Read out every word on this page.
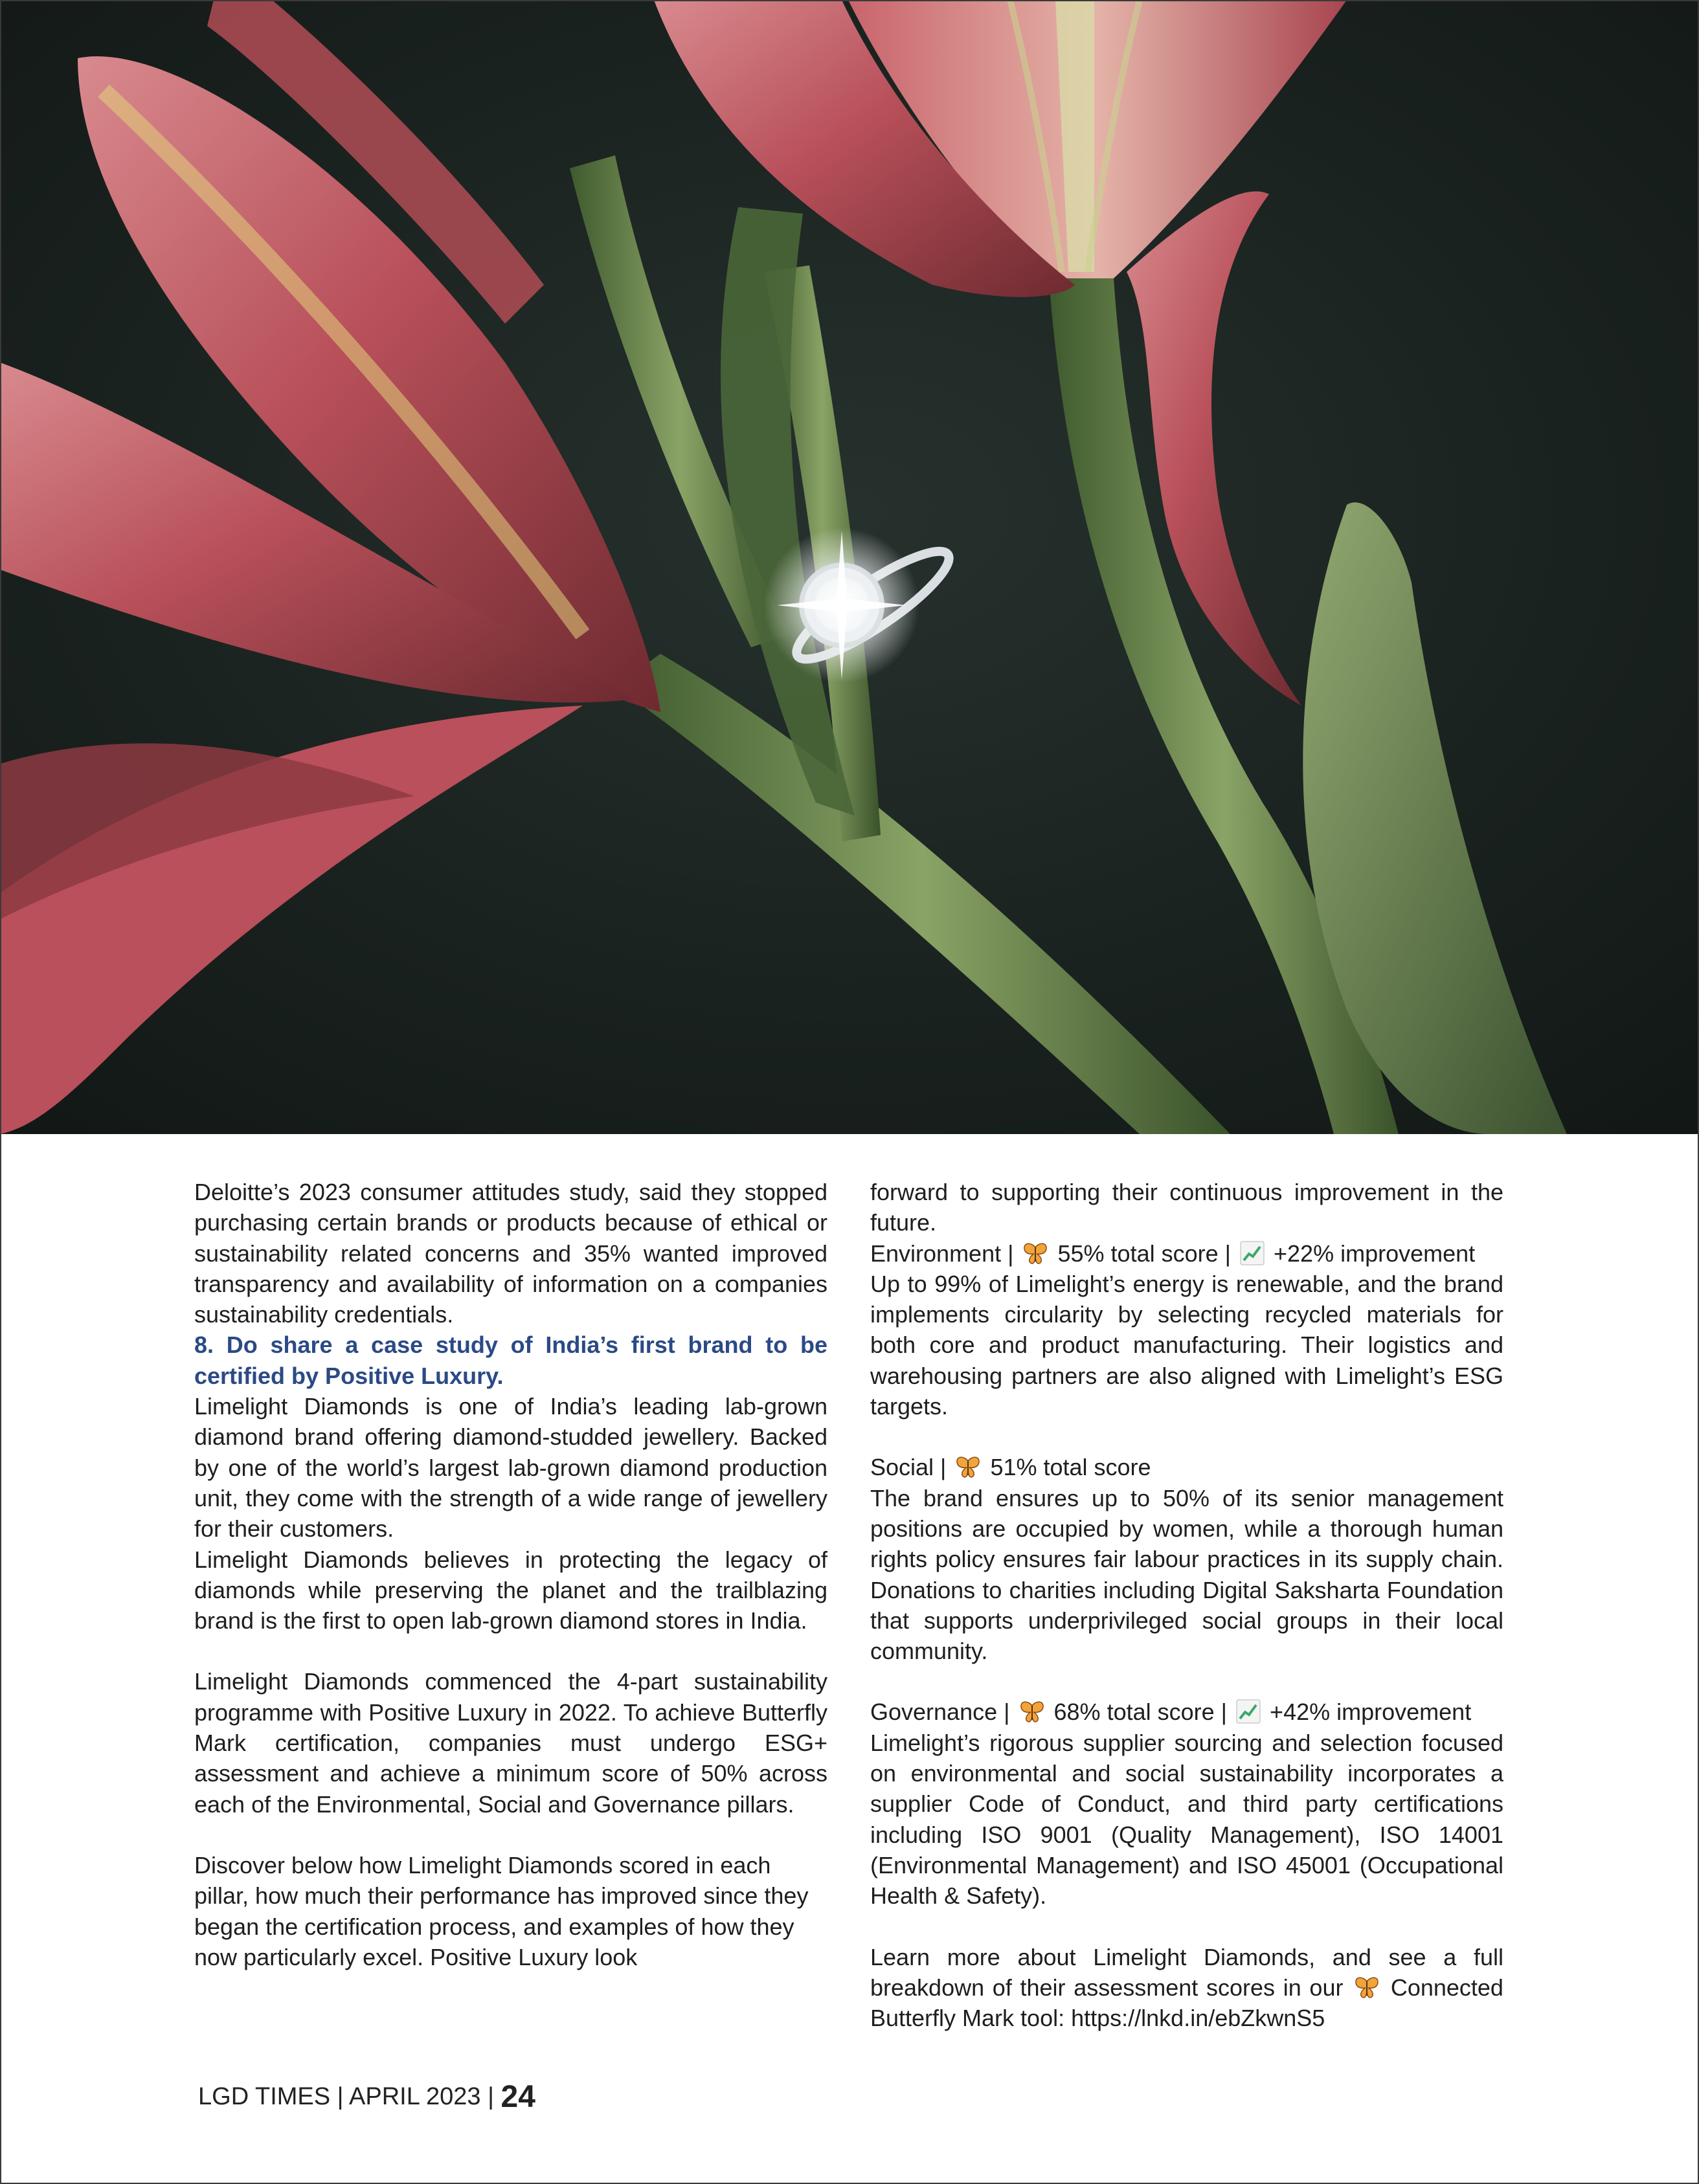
Deloitte’s 2023 consumer attitudes study, said they stopped purchasing certain brands or products because of ethical or sustainability related concerns and 35% wanted improved transparency and availability of information on a companies sustainability credentials.

8. Do share a case study of India’s first brand to be certified by Positive Luxury.

Limelight Diamonds is one of India’s leading lab-grown diamond brand offering diamond-studded jewellery. Backed by one of the world’s largest lab-grown diamond production unit, they come with the strength of a wide range of jewellery for their customers.

Limelight Diamonds believes in protecting the legacy of diamonds while preserving the planet and the trailblazing brand is the first to open lab-grown diamond stores in India.

Limelight Diamonds commenced the 4-part sustainability programme with Positive Luxury in 2022. To achieve Butterfly Mark certification, companies must undergo ESG+ assessment and achieve a minimum score of 50% across each of the Environmental, Social and Governance pillars.

Discover below how Limelight Diamonds scored in each pillar, how much their performance has improved since they began the certification process, and examples of how they now particularly excel. Positive Luxury look

forward to supporting their continuous improvement in the future.

Environment | 55% total score | +22% improvement

Up to 99% of Limelight’s energy is renewable, and the brand implements circularity by selecting recycled materials for both core and product manufacturing. Their logistics and warehousing partners are also aligned with Limelight’s ESG targets.

Social | 51% total score

The brand ensures up to 50% of its senior management positions are occupied by women, while a thorough human rights policy ensures fair labour practices in its supply chain. Donations to charities including Digital Saksharta Foundation that supports underprivileged social groups in their local community.

Governance | 68% total score | +42% improvement

Limelight’s rigorous supplier sourcing and selection focused on environmental and social sustainability incorporates a supplier Code of Conduct, and third party certifications including ISO 9001 (Quality Management), ISO 14001 (Environmental Management) and ISO 45001 (Occupational Health & Safety).

Learn more about Limelight Diamonds, and see a full breakdown of their assessment scores in our Connected Butterfly Mark tool: https://lnkd.in/ebZkwnS5

LGD TIMES | APRIL 2023 | 24
